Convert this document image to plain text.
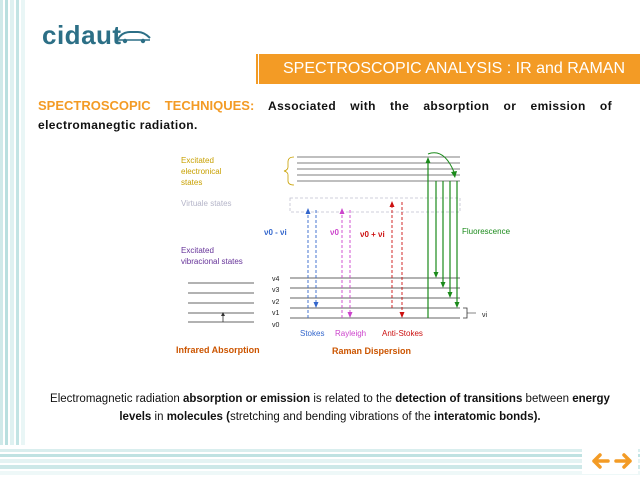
cidaut
SPECTROSCOPIC ANALYSIS : IR and RAMAN
SPECTROSCOPIC TECHNIQUES: Associated with the absorption or emission of electromanegtic radiation.
Excitated
electronical
states
Virtuale states
Excitated
vibracional states
ν0 - νi	ν0	ν0 + νi	Fluorescence
v4
v3
v2
v1
v0
νi
Stokes Rayleigh Anti-Stokes
Infrared Absorption	Raman Dispersion
Electromagnetic radiation absorption or emission is related to the detection of transitions between energy levels in molecules (stretching and bending vibrations of the interatomic bonds).
